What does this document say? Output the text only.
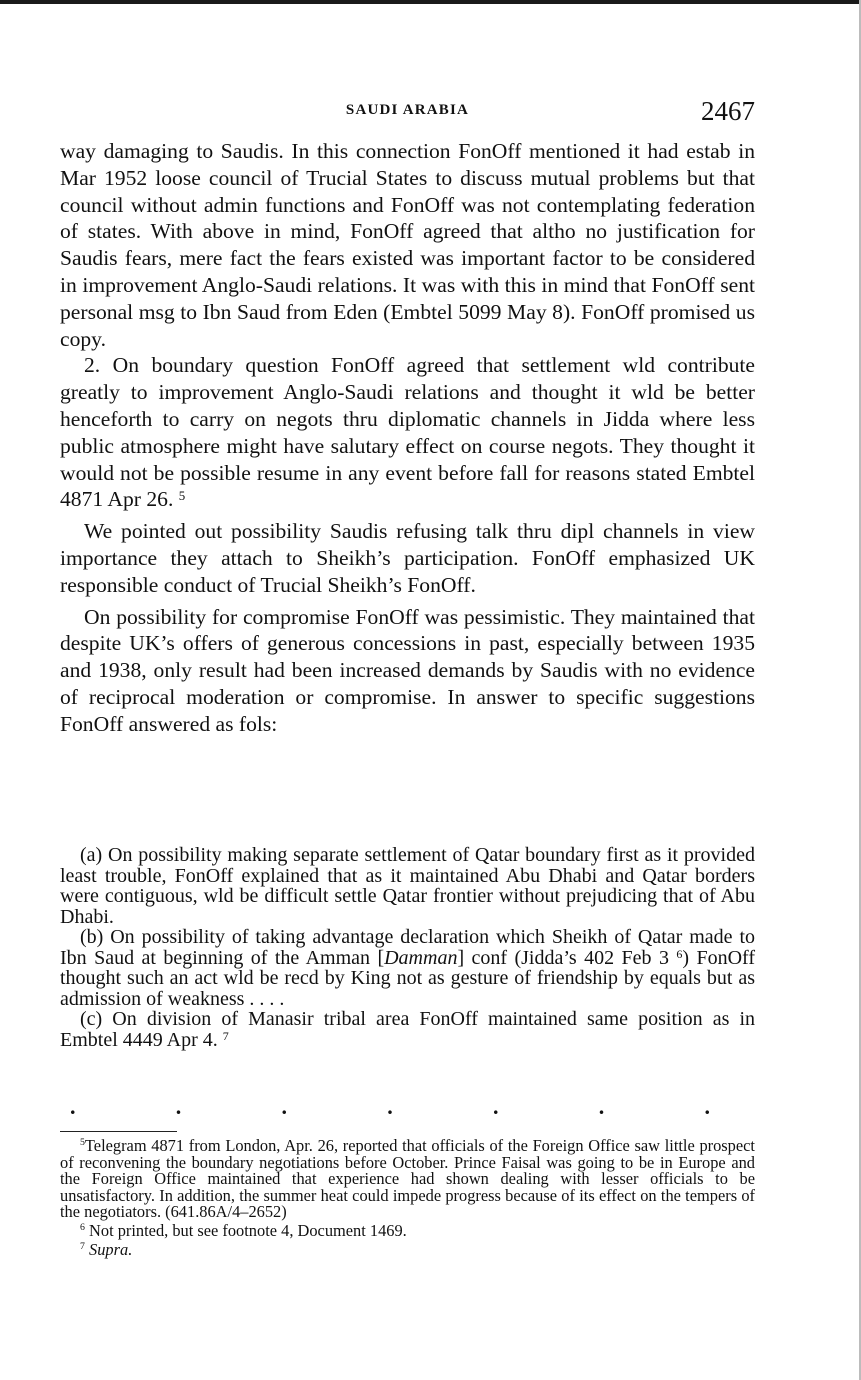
SAUDI ARABIA	2467

way damaging to Saudis. In this connection FonOff mentioned it had estab in Mar 1952 loose council of Trucial States to discuss mutual problems but that council without admin functions and FonOff was not contemplating federation of states. With above in mind, FonOff agreed that altho no justification for Saudis fears, mere fact the fears existed was important factor to be considered in improvement Anglo-Saudi relations. It was with this in mind that FonOff sent personal msg to Ibn Saud from Eden (Embtel 5099 May 8). FonOff promised us copy.

2. On boundary question FonOff agreed that settlement wld contribute greatly to improvement Anglo-Saudi relations and thought it wld be better henceforth to carry on negots thru diplomatic channels in Jidda where less public atmosphere might have salutary effect on course negots. They thought it would not be possible resume in any event before fall for reasons stated Embtel 4871 Apr 26. $^5$

We pointed out possibility Saudis refusing talk thru dipl channels in view importance they attach to Sheikh’s participation. FonOff emphasized UK responsible conduct of Trucial Sheikh’s FonOff.

On possibility for compromise FonOff was pessimistic. They maintained that despite UK’s offers of generous concessions in past, especially between 1935 and 1938, only result had been increased demands by Saudis with no evidence of reciprocal moderation or compromise. In answer to specific suggestions FonOff answered as fols:

(a) On possibility making separate settlement of Qatar boundary first as it provided least trouble, FonOff explained that as it maintained Abu Dhabi and Qatar borders were contiguous, wld be difficult settle Qatar frontier without prejudicing that of Abu Dhabi.

(b) On possibility of taking advantage declaration which Sheikh of Qatar made to Ibn Saud at beginning of the Amman [Damman] conf (Jidda’s 402 Feb 3 $^6$) FonOff thought such an act wld be recd by King not as gesture of friendship by equals but as admission of weakness . . . .

(c) On division of Manasir tribal area FonOff maintained same position as in Embtel 4449 Apr 4. $^7$

.	.	.	.	.	.	.

$^5$Telegram 4871 from London, Apr. 26, reported that officials of the Foreign Office saw little prospect of reconvening the boundary negotiations before October. Prince Faisal was going to be in Europe and the Foreign Office maintained that experience had shown dealing with lesser officials to be unsatisfactory. In addition, the summer heat could impede progress because of its effect on the tempers of the negotiators. (641.86A/4–2652)

$^6$ Not printed, but see footnote 4, Document 1469.

$^7$ Supra.
